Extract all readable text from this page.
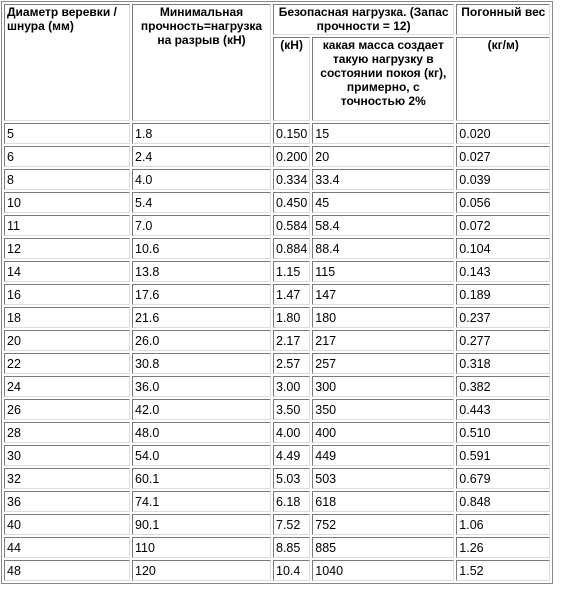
Диаметр веревки / шнура (мм)	Минимальная прочность=нагрузка на разрыв (кН)	Безопасная нагрузка. (Запас прочности = 12)		Погонный вес
		(кН)	какая масса создает такую нагрузку в состоянии покоя (кг), примерно, с точностью 2%	(кг/м)
5	1.8	0.150	15	0.020
6	2.4	0.200	20	0.027
8	4.0	0.334	33.4	0.039
10	5.4	0.450	45	0.056
11	7.0	0.584	58.4	0.072
12	10.6	0.884	88.4	0.104
14	13.8	1.15	115	0.143
16	17.6	1.47	147	0.189
18	21.6	1.80	180	0.237
20	26.0	2.17	217	0.277
22	30.8	2.57	257	0.318
24	36.0	3.00	300	0.382
26	42.0	3.50	350	0.443
28	48.0	4.00	400	0.510
30	54.0	4.49	449	0.591
32	60.1	5.03	503	0.679
36	74.1	6.18	618	0.848
40	90.1	7.52	752	1.06
44	110	8.85	885	1.26
48	120	10.4	1040	1.52
